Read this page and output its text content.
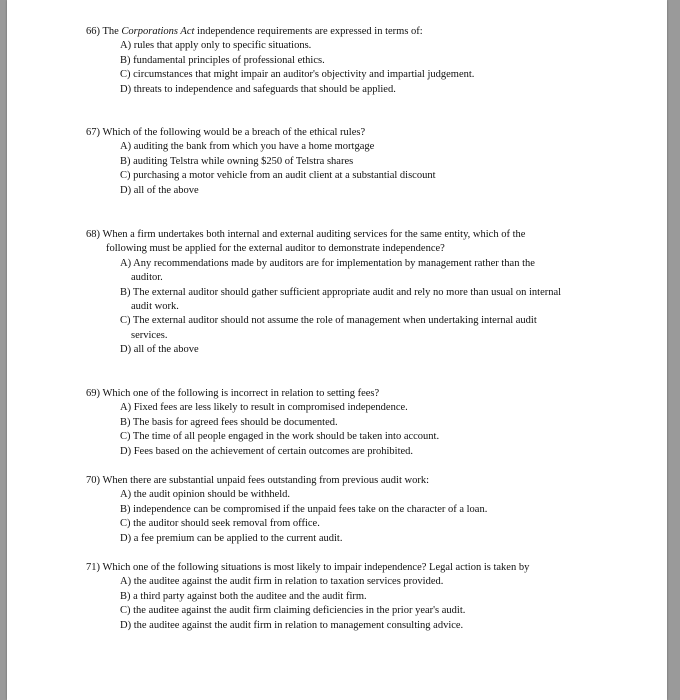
66) The Corporations Act independence requirements are expressed in terms of:

A) rules that apply only to specific situations.

B) fundamental principles of professional ethics.

C) circumstances that might impair an auditor's objectivity and impartial judgement.

D) threats to independence and safeguards that should be applied.

67) Which of the following would be a breach of the ethical rules?

A) auditing the bank from which you have a home mortgage

B) auditing Telstra while owning $250 of Telstra shares

C) purchasing a motor vehicle from an audit client at a substantial discount

D) all of the above

68) When a firm undertakes both internal and external auditing services for the same entity, which of the

following must be applied for the external auditor to demonstrate independence?

A) Any recommendations made by auditors are for implementation by management rather than the

auditor.

B) The external auditor should gather sufficient appropriate audit and rely no more than usual on internal

audit work.

C) The external auditor should not assume the role of management when undertaking internal audit

services.

D) all of the above

69) Which one of the following is incorrect in relation to setting fees?

A) Fixed fees are less likely to result in compromised independence.

B) The basis for agreed fees should be documented.

C) The time of all people engaged in the work should be taken into account.

D) Fees based on the achievement of certain outcomes are prohibited.

70) When there are substantial unpaid fees outstanding from previous audit work:

A) the audit opinion should be withheld.

B) independence can be compromised if the unpaid fees take on the character of a loan.

C) the auditor should seek removal from office.

D) a fee premium can be applied to the current audit.

71) Which one of the following situations is most likely to impair independence? Legal action is taken by

A) the auditee against the audit firm in relation to taxation services provided.

B) a third party against both the auditee and the audit firm.

C) the auditee against the audit firm claiming deficiencies in the prior year's audit.

D) the auditee against the audit firm in relation to management consulting advice.
